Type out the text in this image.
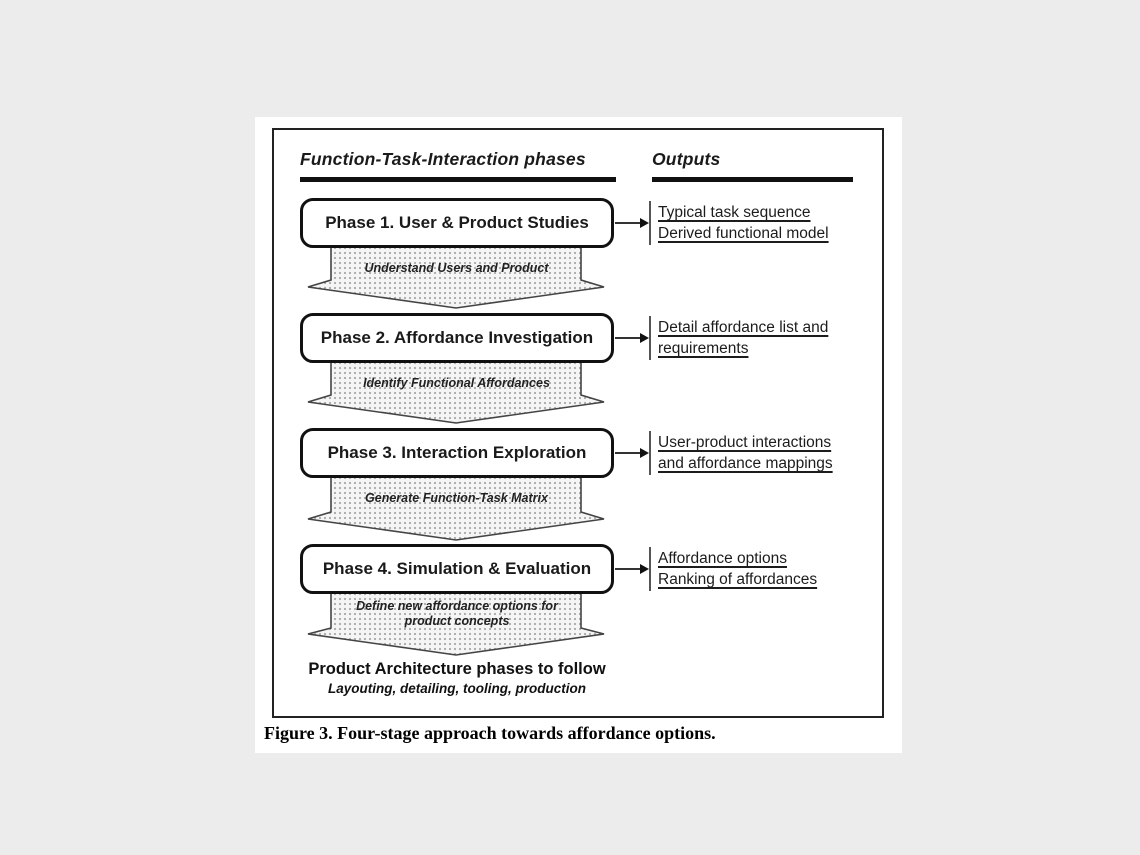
Function-Task-Interaction phases	Outputs
Phase 1. User & Product Studies
Typical task sequence
Derived functional model
Understand Users and Product
Phase 2. Affordance Investigation
Detail affordance list and
requirements
Identify Functional Affordances
Phase 3. Interaction Exploration
User-product interactions
and affordance mappings
Generate Function-Task Matrix
Phase 4. Simulation & Evaluation
Affordance options
Ranking of affordances
Define new affordance options for product concepts
Product Architecture phases to follow
Layouting, detailing, tooling, production
Figure 3. Four-stage approach towards affordance options.
